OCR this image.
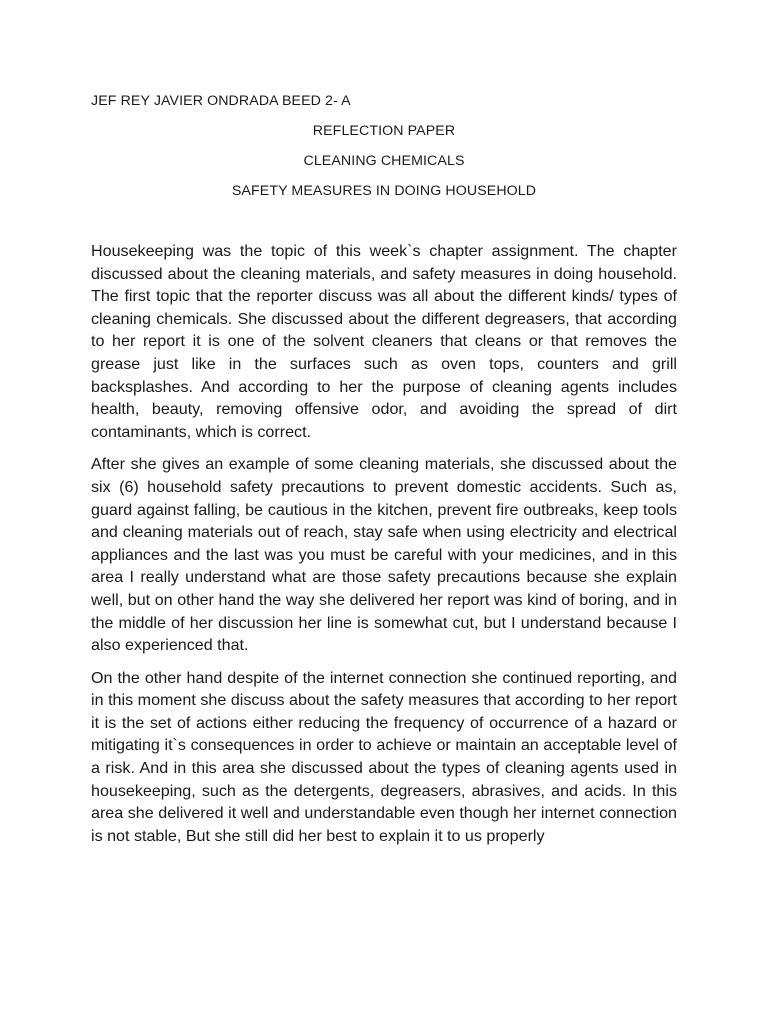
JEF REY JAVIER ONDRADA BEED 2- A
REFLECTION PAPER
CLEANING CHEMICALS
SAFETY MEASURES IN DOING HOUSEHOLD

Housekeeping was the topic of this week`s chapter assignment. The chapter discussed about the cleaning materials, and safety measures in doing household. The first topic that the reporter discuss was all about the different kinds/ types of cleaning chemicals. She discussed about the different degreasers, that according to her report it is one of the solvent cleaners that cleans or that removes the grease just like in the surfaces such as oven tops, counters and grill backsplashes. And according to her the purpose of cleaning agents includes health, beauty, removing offensive odor, and avoiding the spread of dirt contaminants, which is correct.

After she gives an example of some cleaning materials, she discussed about the six (6) household safety precautions to prevent domestic accidents. Such as, guard against falling, be cautious in the kitchen, prevent fire outbreaks, keep tools and cleaning materials out of reach, stay safe when using electricity and electrical appliances and the last was you must be careful with your medicines, and in this area I really understand what are those safety precautions because she explain well, but on other hand the way she delivered her report was kind of boring, and in the middle of her discussion her line is somewhat cut, but I understand because I also experienced that.

On the other hand despite of the internet connection she continued reporting, and in this moment she discuss about the safety measures that according to her report it is the set of actions either reducing the frequency of occurrence of a hazard or mitigating it`s consequences in order to achieve or maintain an acceptable level of a risk. And in this area she discussed about the types of cleaning agents used in housekeeping, such as the detergents, degreasers, abrasives, and acids. In this area she delivered it well and understandable even though her internet connection is not stable, But she still did her best to explain it to us properly
